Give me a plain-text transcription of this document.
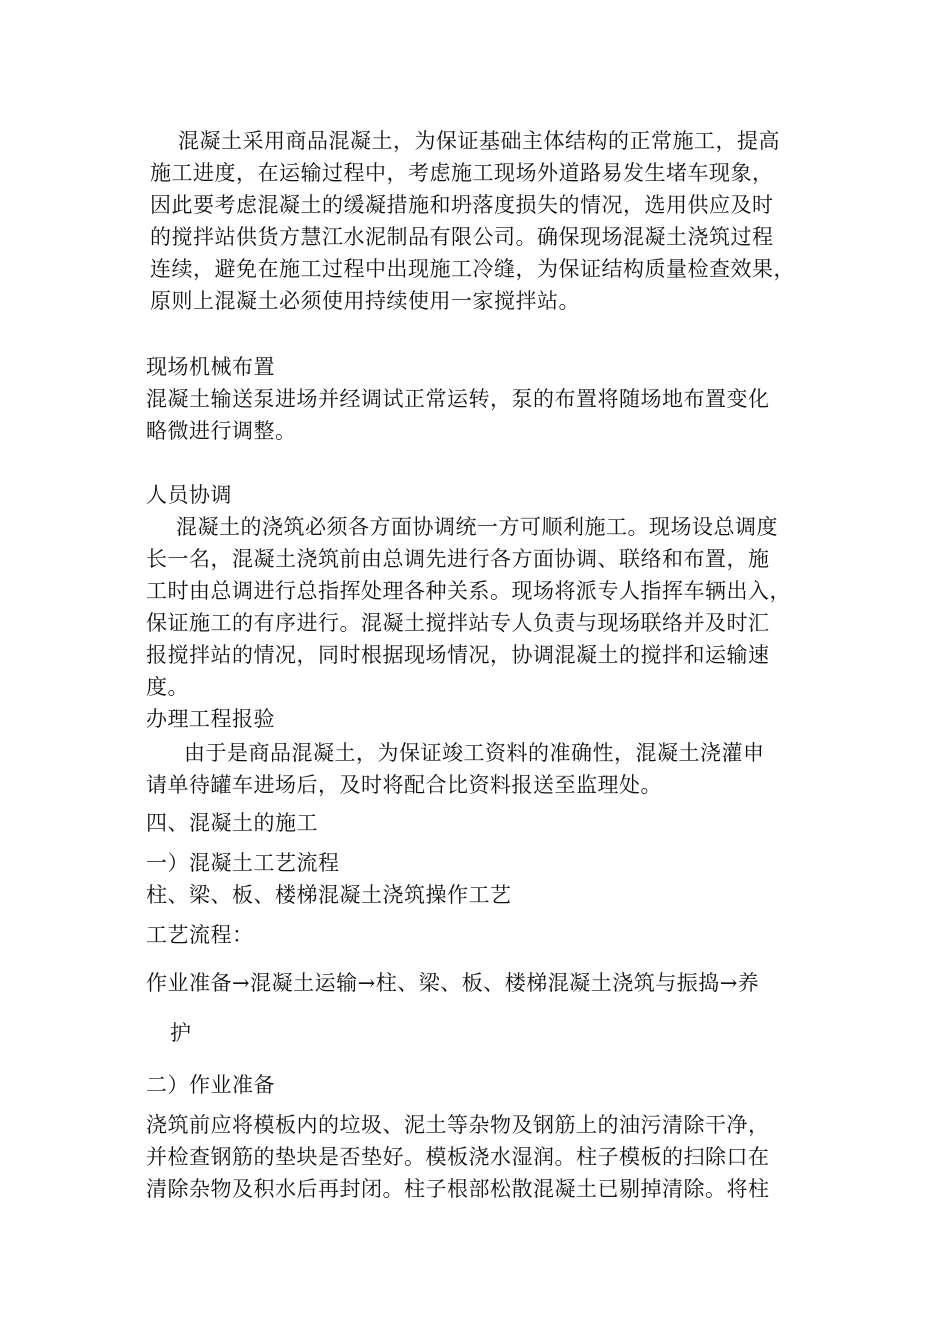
混凝土采用商品混凝土，为保证基础主体结构的正常施工，提高
施工进度，在运输过程中，考虑施工现场外道路易发生堵车现象，
因此要考虑混凝土的缓凝措施和坍落度损失的情况，选用供应及时
的搅拌站供货方慧江水泥制品有限公司。确保现场混凝土浇筑过程
连续，避免在施工过程中出现施工冷缝，为保证结构质量检查效果，
原则上混凝土必须使用持续使用一家搅拌站。
现场机械布置
混凝土输送泵进场并经调试正常运转，泵的布置将随场地布置变化
略微进行调整。
人员协调
混凝土的浇筑必须各方面协调统一方可顺利施工。现场设总调度
长一名，混凝土浇筑前由总调先进行各方面协调、联络和布置，施
工时由总调进行总指挥处理各种关系。现场将派专人指挥车辆出入，
保证施工的有序进行。混凝土搅拌站专人负责与现场联络并及时汇
报搅拌站的情况，同时根据现场情况，协调混凝土的搅拌和运输速
度。
办理工程报验
由于是商品混凝土，为保证竣工资料的准确性，混凝土浇灌申
请单待罐车进场后，及时将配合比资料报送至监理处。
四、混凝土的施工
一）混凝土工艺流程
柱、梁、板、楼梯混凝土浇筑操作工艺
工艺流程：
作业准备→混凝土运输→柱、梁、板、楼梯混凝土浇筑与振捣→养
护
二）作业准备
浇筑前应将模板内的垃圾、泥土等杂物及钢筋上的油污清除干净，
并检查钢筋的垫块是否垫好。模板浇水湿润。柱子模板的扫除口在
清除杂物及积水后再封闭。柱子根部松散混凝土已剔掉清除。将柱
